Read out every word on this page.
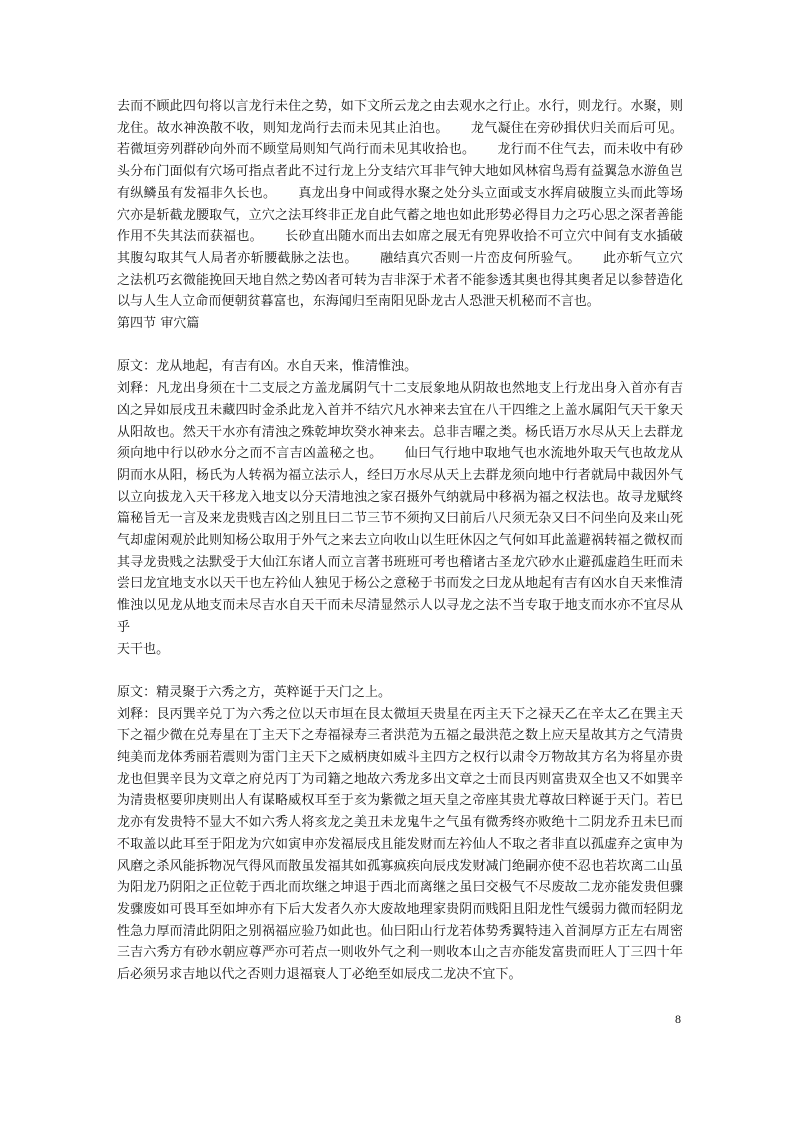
去而不顾此四句将以言龙行未住之势，如下文所云龙之由去观水之行止。水行，则龙行。水聚，则龙住。故水神涣散不收，则知龙尚行去而未见其止泊也。 龙气凝住在旁砂揖伏归关而后可见。若微垣旁列群砂向外而不顾堂局则知气尚行而未见其收拾也。 龙行而不住气去，而未收中有砂头分布门面似有穴场可指点者此不过行龙上分支结穴耳非气钟大地如风林宿鸟焉有益翼急水游鱼岂有纵鳞虽有发福非久长也。 真龙出身中间或得水聚之处分头立面或支水挥肩破腹立头而此等场穴亦是斩截龙腰取气，立穴之法耳终非正龙自此气蓄之地也如此形势必得目力之巧心思之深者善能作用不失其法而获福也。 长砂直出随水而出去如席之展无有兜界收拾不可立穴中间有支水插破其腹勾取其气人局者亦斩腰截脉之法也。 融结真穴否则一片峦皮何所验气。 此亦斩气立穴之法机巧玄微能挽回天地自然之势凶者可转为吉非深于术者不能参透其奥也得其奥者足以参替造化以与人生人立命而便朝贫暮富也，东海闻归至南阳见卧龙古人恐泄天机秘而不言也。

第四节 审穴篇

原文：龙从地起，有吉有凶。水自天来，惟清惟浊。

刘释：凡龙出身须在十二支辰之方盖龙属阴气十二支辰象地从阴故也然地支上行龙出身入首亦有吉凶之异如辰戌丑未藏四时金杀此龙入首并不结穴凡水神来去宜在八干四维之上盖水属阳气天干象天从阳故也。然天干水亦有清浊之殊乾坤坎癸水神来去。总非吉曜之类。杨氏语万水尽从天上去群龙须向地中行以砂水分之而不言吉凶盖秘之也。 仙曰气行地中取地气也水流地外取天气也故龙从阴而水从阳，杨氏为人转祸为福立法示人，经曰万水尽从天上去群龙须向地中行者就局中裁因外气以立向拔龙入天干移龙入地支以分天清地浊之家召摄外气纳就局中移祸为福之权法也。故寻龙赋终篇秘旨无一言及来龙贵贱吉凶之别且曰二节三节不须拘又曰前后八尺须无杂又曰不问坐向及来山死气却虚闲观於此则知杨公取用于外气之来去立向收山以生旺休囚之气何如耳此盖避祸转福之微权而其寻龙贵贱之法默受于大仙江东诸人而立言著书班班可考也稽诸古圣龙穴砂水止避孤虚趋生旺而未尝曰龙宜地支水以天干也左衿仙人独见于杨公之意秘于书而发之曰龙从地起有吉有凶水自天来惟清惟浊以见龙从地支而未尽吉水自天干而未尽清显然示人以寻龙之法不当专取于地支而水亦不宜尽从乎

天干也。

原文：精灵聚于六秀之方，英粹诞于天门之上。

刘释：艮丙巽辛兑丁为六秀之位以天市垣在艮太微垣天贵星在丙主天下之禄天乙在辛太乙在巽主天下之福少微在兑寿星在丁主天下之寿福禄寿三者洪范为五福之最洪范之数上应天星故其方之气清贵纯美而龙体秀丽若震则为雷门主天下之威柄庚如威斗主四方之权行以肃令万物故其方名为将星亦贵龙也但巽辛艮为文章之府兑丙丁为司籍之地故六秀龙多出文章之士而艮丙则富贵双全也又不如巽辛为清贵枢要卯庚则出人有谋略威权耳至于亥为紫微之垣天皇之帝座其贵尤尊故曰粹诞于天门。若巳龙亦有发贵特不显大不如六秀人将亥龙之美丑未龙鬼牛之气虽有微秀终亦败绝十二阴龙乔丑未巳而不取盖以此耳至于阳龙为穴如寅申亦发福辰戌且能发财而左衿仙人不取之者非直以孤虚弃之寅申为风磨之杀风能拆物况气得风而散虽发福其如孤寡疯疾向辰戌发财减门绝嗣亦使不忍也若坎离二山虽为阳龙乃阴阳之正位乾于西北而坎继之坤退于西北而离继之虽曰交极气不尽废故二龙亦能发贵但骤发骤废如可畏耳至如坤亦有下后大发者久亦大废故地理家贵阴而贱阳且阳龙性气缓弱力微而轻阴龙性急力厚而清此阴阳之别祸福应验乃如此也。仙曰阳山行龙若体势秀翼特违入首洞厚方正左右周密三吉六秀方有砂水朝应尊严亦可若点一则收外气之利一则收本山之吉亦能发富贵而旺人丁三四十年后必须另求吉地以代之否则力退福衰人丁必绝至如辰戌二龙决不宜下。

8
